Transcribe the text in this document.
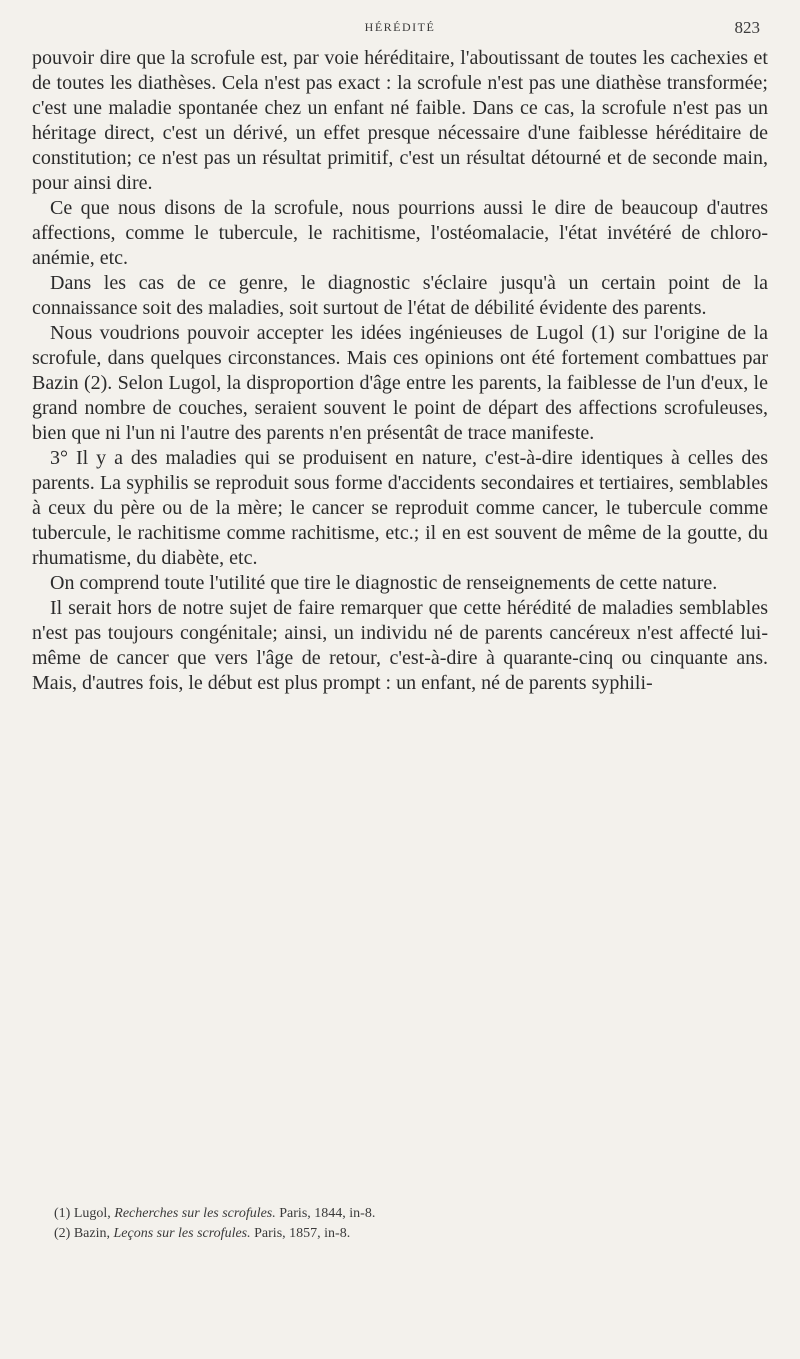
HÉRÉDITÉ	823

pouvoir dire que la scrofule est, par voie héréditaire, l'aboutissant de toutes les cachexies et de toutes les diathèses. Cela n'est pas exact : la scrofule n'est pas une diathèse transformée; c'est une maladie spontanée chez un enfant né faible. Dans ce cas, la scrofule n'est pas un héritage direct, c'est un dérivé, un effet presque nécessaire d'une faiblesse héréditaire de constitution; ce n'est pas un résultat primitif, c'est un résultat détourné et de seconde main, pour ainsi dire.

Ce que nous disons de la scrofule, nous pourrions aussi le dire de beaucoup d'autres affections, comme le tubercule, le rachitisme, l'ostéomalacie, l'état invétéré de chloro-anémie, etc.

Dans les cas de ce genre, le diagnostic s'éclaire jusqu'à un certain point de la connaissance soit des maladies, soit surtout de l'état de débilité évidente des parents.

Nous voudrions pouvoir accepter les idées ingénieuses de Lugol (1) sur l'origine de la scrofule, dans quelques circonstances. Mais ces opinions ont été fortement combattues par Bazin (2). Selon Lugol, la disproportion d'âge entre les parents, la faiblesse de l'un d'eux, le grand nombre de couches, seraient souvent le point de départ des affections scrofuleuses, bien que ni l'un ni l'autre des parents n'en présentât de trace manifeste.

3° Il y a des maladies qui se produisent en nature, c'est-à-dire identiques à celles des parents. La syphilis se reproduit sous forme d'accidents secondaires et tertiaires, semblables à ceux du père ou de la mère; le cancer se reproduit comme cancer, le tubercule comme tubercule, le rachitisme comme rachitisme, etc.; il en est souvent de même de la goutte, du rhumatisme, du diabète, etc.

On comprend toute l'utilité que tire le diagnostic de renseignements de cette nature.

Il serait hors de notre sujet de faire remarquer que cette hérédité de maladies semblables n'est pas toujours congénitale; ainsi, un individu né de parents cancéreux n'est affecté lui-même de cancer que vers l'âge de retour, c'est-à-dire à quarante-cinq ou cinquante ans. Mais, d'autres fois, le début est plus prompt : un enfant, né de parents syphili-

(1) Lugol, Recherches sur les scrofules. Paris, 1844, in-8.

(2) Bazin, Leçons sur les scrofules. Paris, 1857, in-8.
